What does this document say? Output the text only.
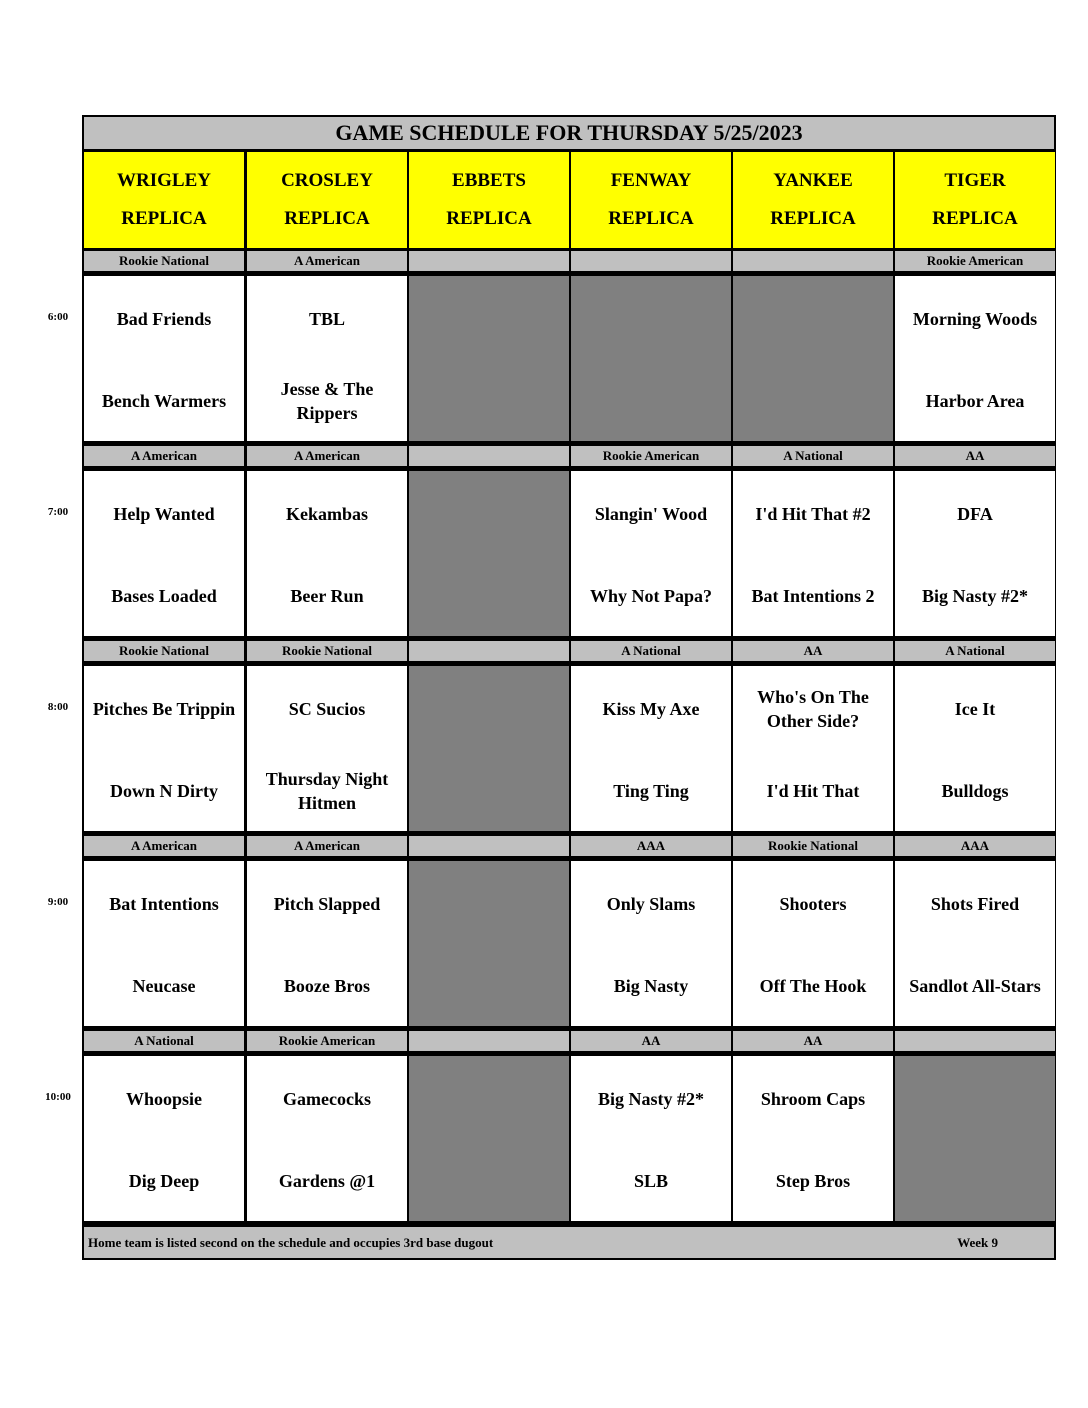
GAME SCHEDULE FOR THURSDAY 5/25/2023
WRIGLEY
REPLICA
CROSLEY
REPLICA
EBBETS
REPLICA
FENWAY
REPLICA
YANKEE
REPLICA
TIGER
REPLICA
Rookie National
Bad Friends
Bench Warmers
A American
TBL
Jesse & The Rippers
Rookie American
Morning Woods
Harbor Area
A American
Help Wanted
Bases Loaded
A American
Kekambas
Beer Run
Rookie American
Slangin' Wood
Why Not Papa?
A National
I'd Hit That #2
Bat Intentions 2
AA
DFA
Big Nasty #2*
Rookie National
Pitches Be Trippin
Down N Dirty
Rookie National
SC Sucios
Thursday Night Hitmen
A National
Kiss My Axe
Ting Ting
AA
Who's On The Other Side?
I'd Hit That
A National
Ice It
Bulldogs
A American
Bat Intentions
Neucase
A American
Pitch Slapped
Booze Bros
AAA
Only Slams
Big Nasty
Rookie National
Shooters
Off The Hook
AAA
Shots Fired
Sandlot All-Stars
A National
Whoopsie
Dig Deep
Rookie American
Gamecocks
Gardens @1
AA
Big Nasty #2*
SLB
AA
Shroom Caps
Step Bros
Home team is listed second on the schedule and occupies 3rd base dugout	Week 9
6:00
7:00
8:00
9:00
10:00
